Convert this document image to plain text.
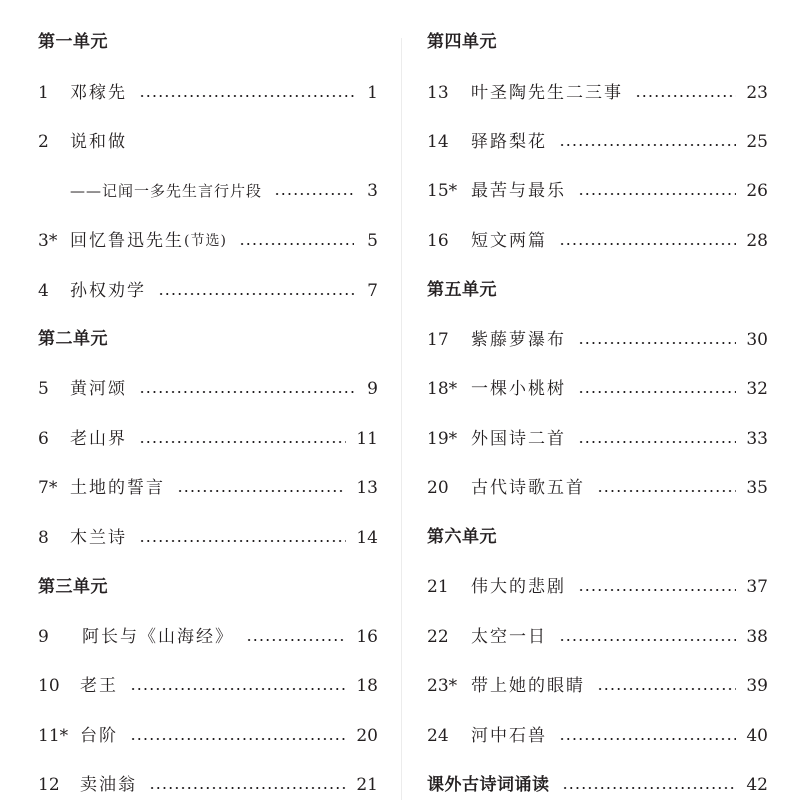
第一单元
1	邓稼先	1
2	说和做
——记闻一多先生言行片段	3
3* 回忆鲁迅先生 (节选)	5
4	孙权劝学	7
第二单元
5	黄河颂	9
6	老山界	11
7* 土地的誓言	13
8	木兰诗	14
第三单元
9	阿长与《山海经》	16
10	老王	18
11* 台阶	20
12	卖油翁	21
第四单元
13	叶圣陶先生二三事	23
14	驿路梨花	25
15* 最苦与最乐	26
16	短文两篇	28
第五单元
17	紫藤萝瀑布	30
18* 一棵小桃树	32
19* 外国诗二首	33
20	古代诗歌五首	35
第六单元
21	伟大的悲剧	37
22	太空一日	38
23* 带上她的眼睛	39
24	河中石兽	40
课外古诗词诵读	42
